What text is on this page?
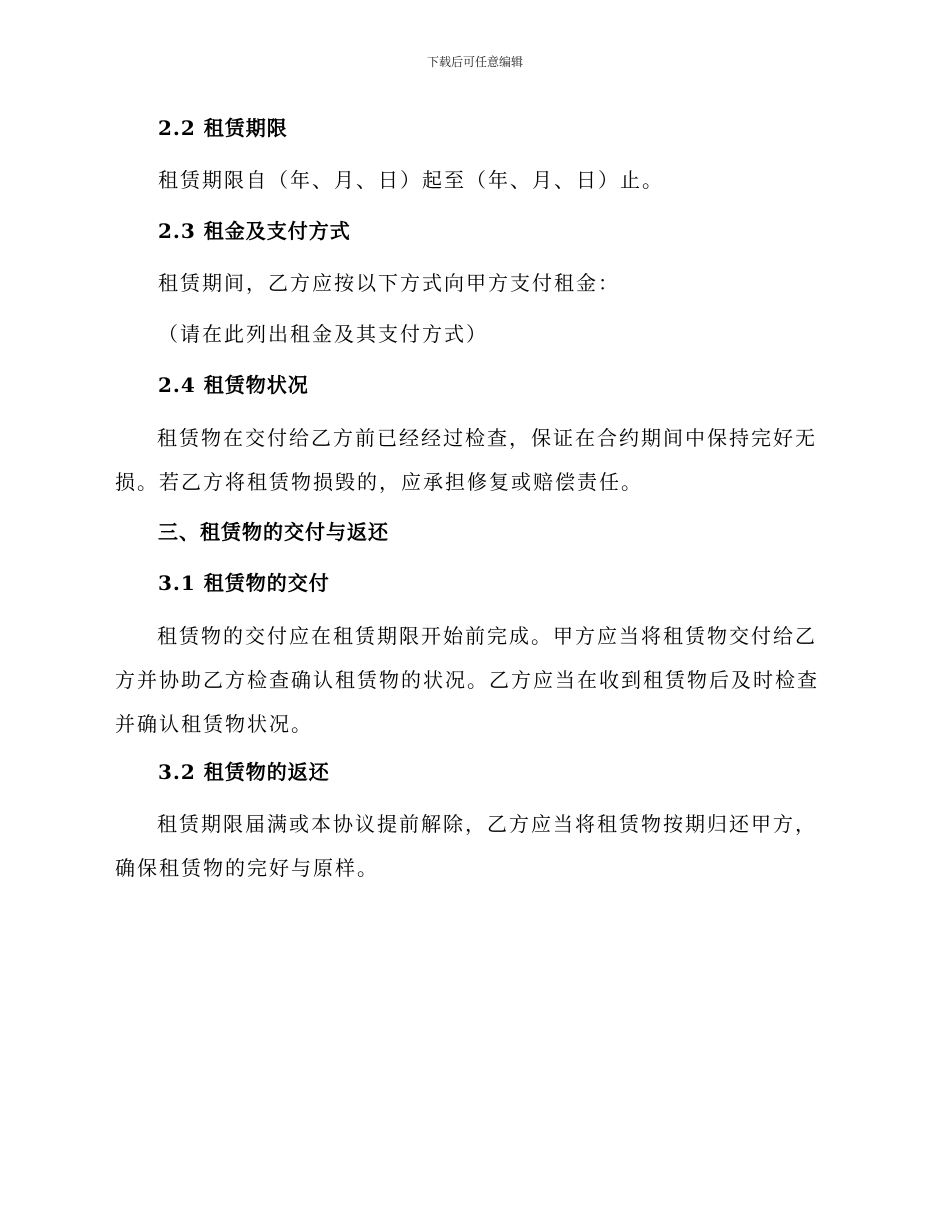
下载后可任意编辑

2.2 租赁期限

租赁期限自（年、月、日）起至（年、月、日）止。

2.3 租金及支付方式

租赁期间，乙方应按以下方式向甲方支付租金：

（请在此列出租金及其支付方式）

2.4 租赁物状况

租赁物在交付给乙方前已经经过检查，保证在合约期间中保持完好无损。若乙方将租赁物损毁的，应承担修复或赔偿责任。

三、租赁物的交付与返还

3.1 租赁物的交付

租赁物的交付应在租赁期限开始前完成。甲方应当将租赁物交付给乙方并协助乙方检查确认租赁物的状况。乙方应当在收到租赁物后及时检查并确认租赁物状况。

3.2 租赁物的返还

租赁期限届满或本协议提前解除，乙方应当将租赁物按期归还甲方，确保租赁物的完好与原样。
